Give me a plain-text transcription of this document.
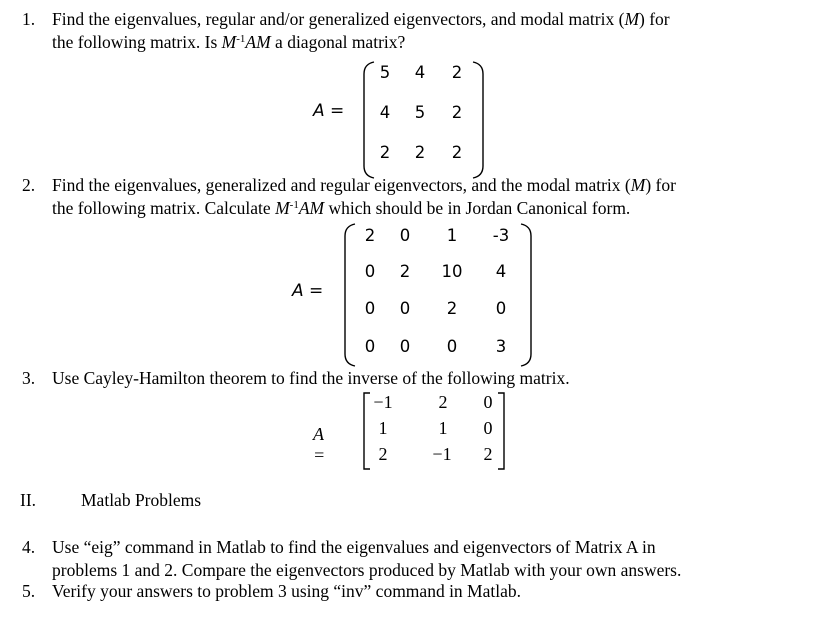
1. Find the eigenvalues, regular and/or generalized eigenvectors, and modal matrix (M) for
the following matrix. Is $M^{-1}AM$ a diagonal matrix?
A =
5 4 2
4 5 2
2 2 2
2. Find the eigenvalues, generalized and regular eigenvectors, and the modal matrix (M) for
the following matrix. Calculate $M^{-1}AM$ which should be in Jordan Canonical form.
A =
2 0	1	-3
0 2 10	4
0 0	2	0
0 0	0	3
3. Use Cayley-Hamilton theorem to find the inverse of the following matrix.
A =
−1	2	0
1	1	0
2	−1	2
II.	Matlab Problems
4. Use “eig” command in Matlab to find the eigenvalues and eigenvectors of Matrix A in
problems 1 and 2. Compare the eigenvectors produced by Matlab with your own answers.
5. Verify your answers to problem 3 using “inv” command in Matlab.
